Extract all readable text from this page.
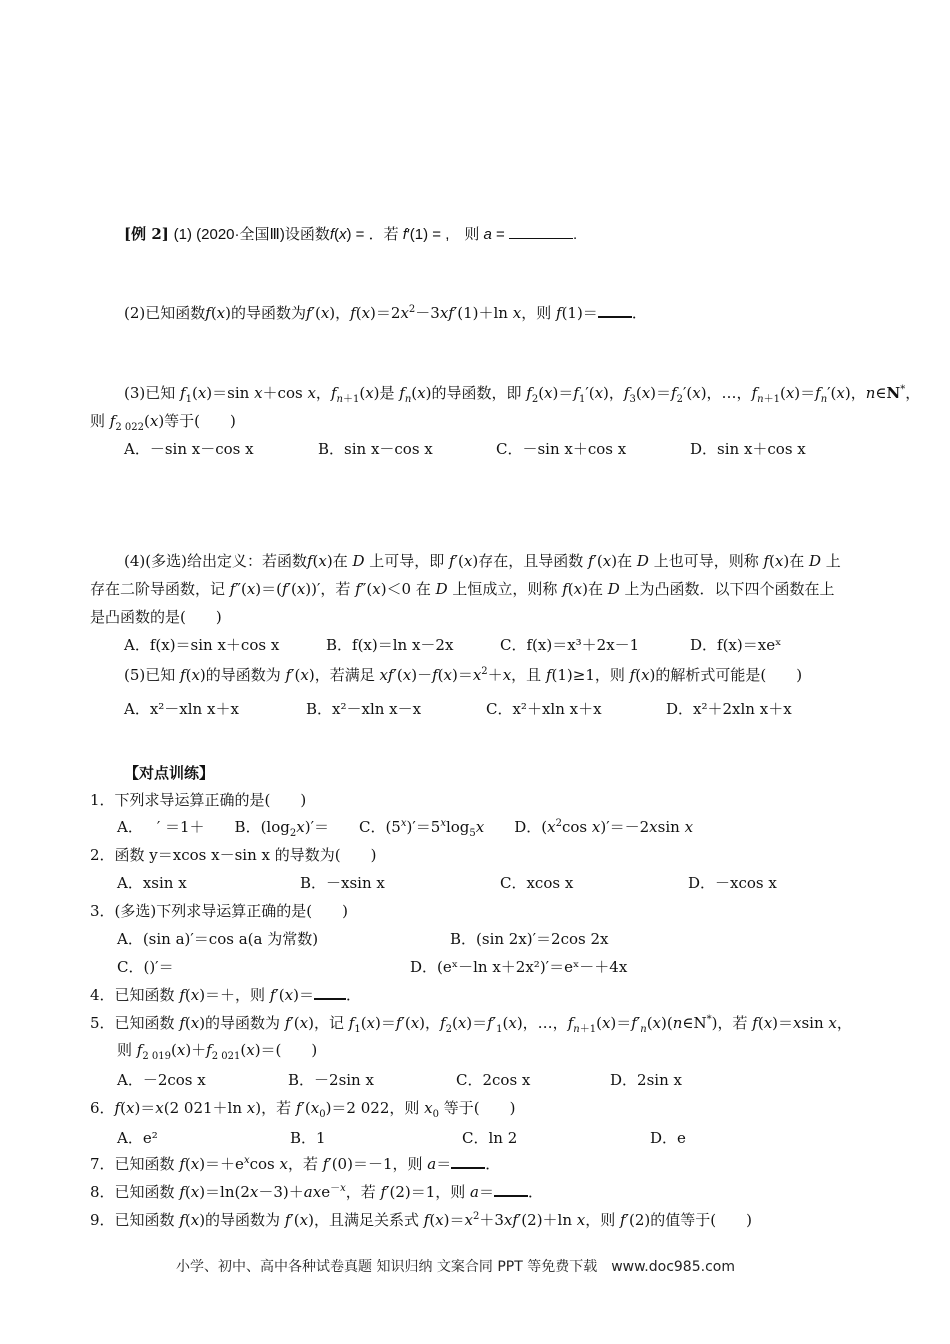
[例 2] (1) (2020·全国Ⅲ)设函数f(x) = ．若 f′(1) = ,　则 a =	.
(2)已知函数f(x)的导函数为f′(x)，$f(x)=2x^2-3xf'(1)+\ln$ x，则 f(1)＝ ．
(3)已知 $f_1(x)=\sin$ x＋cos x，$f_{n+1}(x)$是 $f_n(x)$的导函数，即 $f_2(x)=f_1'(x)$，$f_3(x)=f_2'(x)$，…，$f_{n+1}(x)=f_n'(x)$，n∈N*，
则 $f_{2 022}(x)$等于(　　)
A．－sin x－cos x	B．sin x－cos x	C．－sin x＋cos x	D．sin x＋cos x
(4)(多选)给出定义：若函数f(x)在 D 上可导，即 f′(x)存在，且导函数 f′(x)在 D 上也可导，则称 f(x)在 D 上
存在二阶导函数，记 f″(x)＝(f′(x))′，若 f″(x)＜0 在 D 上恒成立，则称 f(x)在 D 上为凸函数．以下四个函数在上
是凸函数的是(　　)
A．f(x)＝sin x＋cos x	B．f(x)＝ln x－2x	C．f(x)＝x³＋2x－1	D．f(x)＝xeˣ
(5)已知 f(x)的导函数为 f′(x)，若满足 $xf'(x)-f(x)=x^2+x$，且 f(1)≥1，则 f(x)的解析式可能是(　　)
A．x²－xln x＋x	B．x²－xln x－x	C．x²＋xln x＋x	D．x²＋2xln x＋x
【对点训练】
1．下列求导运算正确的是(　　)
A． ′ ＝1＋　　B．$(\log_2x)'=$　　C．$(5^x)'=5^x\log_5x$　　D．($x^2\cos$ x)′＝－2xsin x
2．函数 y＝xcos x－sin x 的导数为(　　)
A．xsin x	B．－xsin x	C．xcos x	D．－xcos x
3．(多选)下列求导运算正确的是(　　)
A．(sin a)′＝cos a(a 为常数)	B．(sin 2x)′＝2cos 2x
C．()′＝	D．(eˣ－ln x＋2x²)′＝eˣ－＋4x
4．已知函数 f(x)＝＋，则 f′(x)＝ ．
5．已知函数 f(x)的导函数为 f′(x)，记 $f_1(x)=f'(x)$，$f_2(x)=f'_1(x)$，…，$f_{n+1}(x)=f'_n(x)(n\in N^*)$，若 f(x)＝xsin x，
则 $f_{2 019}(x)+f_{2 021}(x)=$(　　)
A．－2cos x	B．－2sin x	C．2cos x	D．2sin x
6．f(x)＝x(2 021＋ln x)，若 $f'(x_0)=2$ 022，则 $x_0$ 等于(　　)
A．e²	B．1	C．ln 2	D．e
7．已知函数 $f(x)=+e^x\cos$ x，若 f′(0)＝－1，则 a＝ ．
8．已知函数 f(x)＝ln(2x－3)＋axe$^{-x}$，若 f′(2)＝1，则 a＝ ．
9．已知函数 f(x)的导函数为 f′(x)，且满足关系式 $f(x)=x^2+3xf'(2)+\ln$ x，则 f′(2)的值等于(　　)
小学、初中、高中各种试卷真题 知识归纳 文案合同 PPT 等免费下载　www.doc985.com
